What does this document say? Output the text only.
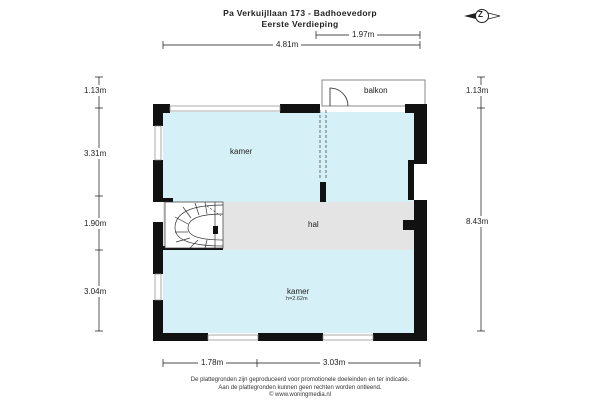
Pa Verkuijllaan 173 - Badhoevedorp
Eerste Verdieping
Z
4.81m
1.97m
1.13m
3.31m
1.90m
3.04m
1.13m
8.43m
1.78m	3.03m
balkon
kamer
hal
kamer
h=2.62m
De plattegronden zijn geproduceerd voor promotionele doeleinden en ter indicatie.
Aan de plattegronden kunnen geen rechten worden ontleend.
© www.woningmedia.nl
